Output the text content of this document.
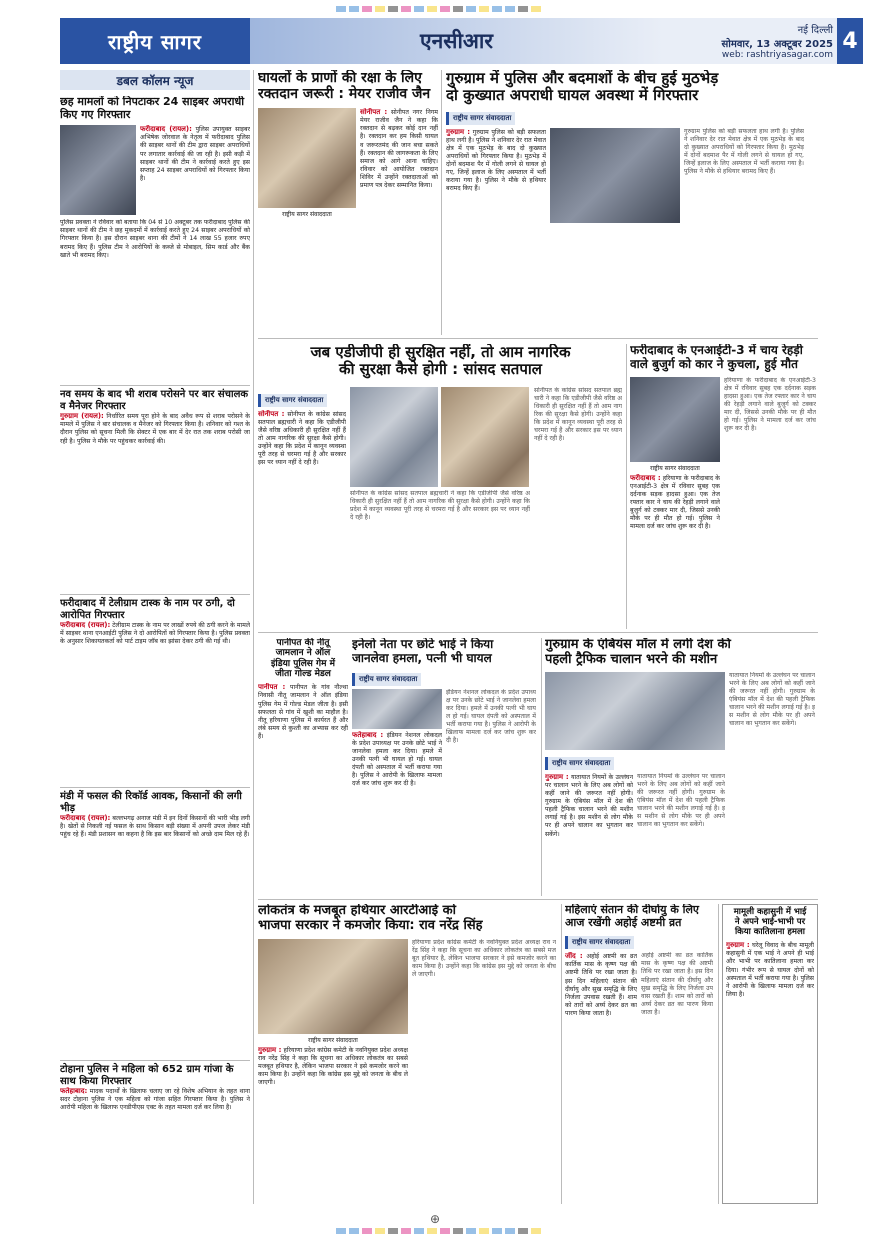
राष्ट्रीय सागर	एनसीआर	नई दिल्ली
सोमवार, 13 अक्टूबर 2025
web: rashtriyasagar.com
4
डबल कॉलम न्यूज
छह मामलों को निपटाकर 24 साइबर अपराधी किए गए गिरफ्तार
फरीदाबाद (रायल): पुलिस उपायुक्त साइबर अभिषेक जोरवाल के नेतृत्व में फरीदाबाद पुलिस की साइबर थानों की टीम द्वारा साइबर अपराधियों पर लगातार कार्रवाई की जा रही है। इसी कड़ी में साइबर थानों की टीम ने कार्रवाई करते हुए इस सप्ताह 24 साइबर अपराधियों को गिरफ्तार किया है।
पुलिस प्रवक्ता ने रविवार को बताया कि 04 से 10 अक्टूबर तक फरीदाबाद पुलिस की साइबर थानों की टीम ने छह मुकदमों में कार्रवाई करते हुए 24 साइबर अपराधियों को गिरफ्तार किया है। इस दौरान साइबर थाना की टीमों ने 14 लाख 55 हजार रुपए बरामद किए हैं। पुलिस टीम ने आरोपियों के कब्जे से मोबाइल, सिम कार्ड और बैंक खाते भी बरामद किए।
नव समय के बाद भी शराब परोसने पर बार संचालक व मैनेजर गिरफ्तार
गुरुग्राम (रायल): निर्धारित समय पूरा होने के बाद अवैध रूप से शराब परोसने के मामले में पुलिस ने बार संचालक व मैनेजर को गिरफ्तार किया है। शनिवार को गश्त के दौरान पुलिस को सूचना मिली कि सेक्टर में एक बार में देर रात तक शराब परोसी जा रही है। पुलिस ने मौके पर पहुंचकर कार्रवाई की।
फरीदाबाद में टेलीग्राम टास्क के नाम पर ठगी, दो आरोपित गिरफ्तार
फरीदाबाद (रायल): टेलीग्राम टास्क के नाम पर लाखों रुपये की ठगी करने के मामले में साइबर थाना एनआईटी पुलिस ने दो आरोपितों को गिरफ्तार किया है। पुलिस प्रवक्ता के अनुसार शिकायतकर्ता को पार्ट टाइम जॉब का झांसा देकर ठगी की गई थी।
मंडी में फसल की रिकॉर्ड आवक, किसानों की लगी भीड़
फरीदाबाद (रायल): बल्लभगढ़ अनाज मंडी में इन दिनों किसानों की भारी भीड़ लगी है। खेतों से निकली नई फसल के साथ किसान बड़ी संख्या में अपनी उपज लेकर मंडी पहुंच रहे हैं। मंडी प्रशासन का कहना है कि इस बार किसानों को अच्छे दाम मिल रहे हैं।
टोहाना पुलिस ने महिला को 652 ग्राम गांजा के साथ किया गिरफ्तार
फतेहाबाद: मादक पदार्थों के खिलाफ चलाए जा रहे विशेष अभियान के तहत थाना सदर टोहाना पुलिस ने एक महिला को गांजा सहित गिरफ्तार किया है। पुलिस ने आरोपी महिला के खिलाफ एनडीपीएस एक्ट के तहत मामला दर्ज कर लिया है।
घायलों के प्राणों की रक्षा के लिए
रक्तदान जरूरी : मेयर राजीव जैन
राष्ट्रीय सागर संवाददाता
सोनीपत : सोनीपत नगर निगम मेयर राजीव जैन ने कहा कि रक्तदान से बढ़कर कोई दान नहीं है। रक्तदान कर हम किसी घायल व जरूरतमंद की जान बचा सकते हैं। रक्तदान की जागरूकता के लिए समाज को आगे आना चाहिए। रविवार को आयोजित रक्तदान शिविर में उन्होंने रक्तदाताओं को प्रमाण पत्र देकर सम्मानित किया।
गुरुग्राम में पुलिस और बदमाशों के बीच हुई मुठभेड़
दो कुख्यात अपराधी घायल अवस्था में गिरफ्तार
राष्ट्रीय सागर संवाददाता
गुरुग्राम : गुरुग्राम पुलिस को बड़ी सफलता हाथ लगी है। पुलिस ने शनिवार देर रात मेवात क्षेत्र में एक मुठभेड़ के बाद दो कुख्यात अपराधियों को गिरफ्तार किया है। मुठभेड़ में दोनों बदमाश पैर में गोली लगने से घायल हो गए, जिन्हें इलाज के लिए अस्पताल में भर्ती कराया गया है। पुलिस ने मौके से हथियार बरामद किए हैं।
गुरुग्राम पुलिस को बड़ी सफलता हाथ लगी है। पुलिस ने शनिवार देर रात मेवात क्षेत्र में एक मुठभेड़ के बाद दो कुख्यात अपराधियों को गिरफ्तार किया है। मुठभेड़ में दोनों बदमाश पैर में गोली लगने से घायल हो गए, जिन्हें इलाज के लिए अस्पताल में भर्ती कराया गया है। पुलिस ने मौके से हथियार बरामद किए हैं।
जब एडीजीपी ही सुरक्षित नहीं, तो आम नागरिक
की सुरक्षा कैसे होगी : सांसद सतपाल
राष्ट्रीय सागर संवाददाता
सोनीपत : सोनीपत के कांग्रेस सांसद सतपाल ब्रह्मचारी ने कहा कि एडीजीपी जैसे वरिष्ठ अधिकारी ही सुरक्षित नहीं हैं तो आम नागरिक की सुरक्षा कैसे होगी। उन्होंने कहा कि प्रदेश में कानून व्यवस्था पूरी तरह से चरमरा गई है और सरकार इस पर ध्यान नहीं दे रही है।
सोनीपत के कांग्रेस सांसद सतपाल ब्रह्मचारी ने कहा कि एडीजीपी जैसे वरिष्ठ अधिकारी ही सुरक्षित नहीं हैं तो आम नागरिक की सुरक्षा कैसे होगी। उन्होंने कहा कि प्रदेश में कानून व्यवस्था पूरी तरह से चरमरा गई है और सरकार इस पर ध्यान नहीं दे रही है।
सोनीपत के कांग्रेस सांसद सतपाल ब्रह्मचारी ने कहा कि एडीजीपी जैसे वरिष्ठ अधिकारी ही सुरक्षित नहीं हैं तो आम नागरिक की सुरक्षा कैसे होगी। उन्होंने कहा कि प्रदेश में कानून व्यवस्था पूरी तरह से चरमरा गई है और सरकार इस पर ध्यान नहीं दे रही है।
फरीदाबाद के एनआईटी-3 में चाय रेहड़ी
वाले बुजुर्ग को कार ने कुचला, हुई मौत
राष्ट्रीय सागर संवाददाता
फरीदाबाद : हरियाणा के फरीदाबाद के एनआईटी-3 क्षेत्र में रविवार सुबह एक दर्दनाक सड़क हादसा हुआ। एक तेज रफ्तार कार ने चाय की रेहड़ी लगाने वाले बुजुर्ग को टक्कर मार दी, जिससे उनकी मौके पर ही मौत हो गई। पुलिस ने मामला दर्ज कर जांच शुरू कर दी है।
हरियाणा के फरीदाबाद के एनआईटी-3 क्षेत्र में रविवार सुबह एक दर्दनाक सड़क हादसा हुआ। एक तेज रफ्तार कार ने चाय की रेहड़ी लगाने वाले बुजुर्ग को टक्कर मार दी, जिससे उनकी मौके पर ही मौत हो गई। पुलिस ने मामला दर्ज कर जांच शुरू कर दी है।
पानीपत की नीतू
जामलान ने ऑल
इंडिया पुलिस गेम में
जीता गोल्ड मेडल
पानीपत : पानीपत के गांव नौल्था निवासी नीतू जामलान ने ऑल इंडिया पुलिस गेम में गोल्ड मेडल जीता है। इसी सफलता से गांव में खुशी का माहौल है। नीतू हरियाणा पुलिस में कार्यरत हैं और लंबे समय से कुश्ती का अभ्यास कर रही हैं।
इनेलो नेता पर छोटे भाई ने किया
जानलेवा हमला, पत्नी भी घायल
राष्ट्रीय सागर संवाददाता
फतेहाबाद : इंडियन नेशनल लोकदल के प्रदेश उपाध्यक्ष पर उनके छोटे भाई ने जानलेवा हमला कर दिया। हमले में उनकी पत्नी भी घायल हो गई। घायल दंपती को अस्पताल में भर्ती कराया गया है। पुलिस ने आरोपी के खिलाफ मामला दर्ज कर जांच शुरू कर दी है।
इंडियन नेशनल लोकदल के प्रदेश उपाध्यक्ष पर उनके छोटे भाई ने जानलेवा हमला कर दिया। हमले में उनकी पत्नी भी घायल हो गई। घायल दंपती को अस्पताल में भर्ती कराया गया है। पुलिस ने आरोपी के खिलाफ मामला दर्ज कर जांच शुरू कर दी है।
गुरुग्राम के एंबियंस मॉल में लगी देश की
पहली ट्रैफिक चालान भरने की मशीन
राष्ट्रीय सागर संवाददाता
गुरुग्राम : यातायात नियमों के उल्लंघन पर चालान भरने के लिए अब लोगों को कहीं जाने की जरूरत नहीं होगी। गुरुग्राम के एंबियंस मॉल में देश की पहली ट्रैफिक चालान भरने की मशीन लगाई गई है। इस मशीन से लोग मौके पर ही अपने चालान का भुगतान कर सकेंगे।
यातायात नियमों के उल्लंघन पर चालान भरने के लिए अब लोगों को कहीं जाने की जरूरत नहीं होगी। गुरुग्राम के एंबियंस मॉल में देश की पहली ट्रैफिक चालान भरने की मशीन लगाई गई है। इस मशीन से लोग मौके पर ही अपने चालान का भुगतान कर सकेंगे।
यातायात नियमों के उल्लंघन पर चालान भरने के लिए अब लोगों को कहीं जाने की जरूरत नहीं होगी। गुरुग्राम के एंबियंस मॉल में देश की पहली ट्रैफिक चालान भरने की मशीन लगाई गई है। इस मशीन से लोग मौके पर ही अपने चालान का भुगतान कर सकेंगे।
लोकतंत्र के मजबूत हथियार आरटीआई को
भाजपा सरकार ने कमजोर किया: राव नरेंद्र सिंह
राष्ट्रीय सागर संवाददाता
गुरुग्राम : हरियाणा प्रदेश कांग्रेस कमेटी के नवनियुक्त प्रदेश अध्यक्ष राव नरेंद्र सिंह ने कहा कि सूचना का अधिकार लोकतंत्र का सबसे मजबूत हथियार है, लेकिन भाजपा सरकार ने इसे कमजोर करने का काम किया है। उन्होंने कहा कि कांग्रेस इस मुद्दे को जनता के बीच ले जाएगी।
हरियाणा प्रदेश कांग्रेस कमेटी के नवनियुक्त प्रदेश अध्यक्ष राव नरेंद्र सिंह ने कहा कि सूचना का अधिकार लोकतंत्र का सबसे मजबूत हथियार है, लेकिन भाजपा सरकार ने इसे कमजोर करने का काम किया है। उन्होंने कहा कि कांग्रेस इस मुद्दे को जनता के बीच ले जाएगी।
महिलाएं संतान की दीर्घायु के लिए
आज रखेंगी अहोई अष्टमी व्रत
राष्ट्रीय सागर संवाददाता
जींद : अहोई अष्टमी का व्रत कार्तिक मास के कृष्ण पक्ष की अष्टमी तिथि पर रखा जाता है। इस दिन महिलाएं संतान की दीर्घायु और सुख समृद्धि के लिए निर्जला उपवास रखती हैं। शाम को तारों को अर्घ्य देकर व्रत का पारण किया जाता है।
अहोई अष्टमी का व्रत कार्तिक मास के कृष्ण पक्ष की अष्टमी तिथि पर रखा जाता है। इस दिन महिलाएं संतान की दीर्घायु और सुख समृद्धि के लिए निर्जला उपवास रखती हैं। शाम को तारों को अर्घ्य देकर व्रत का पारण किया जाता है।
मामूली कहासुनी में भाई
ने अपने भाई-भाभी पर
किया कातिलाना हमला
गुरुग्राम : घरेलू विवाद के बीच मामूली कहासुनी में एक भाई ने अपने ही भाई और भाभी पर कातिलाना हमला कर दिया। गंभीर रूप से घायल दोनों को अस्पताल में भर्ती कराया गया है। पुलिस ने आरोपी के खिलाफ मामला दर्ज कर लिया है।
⊕
